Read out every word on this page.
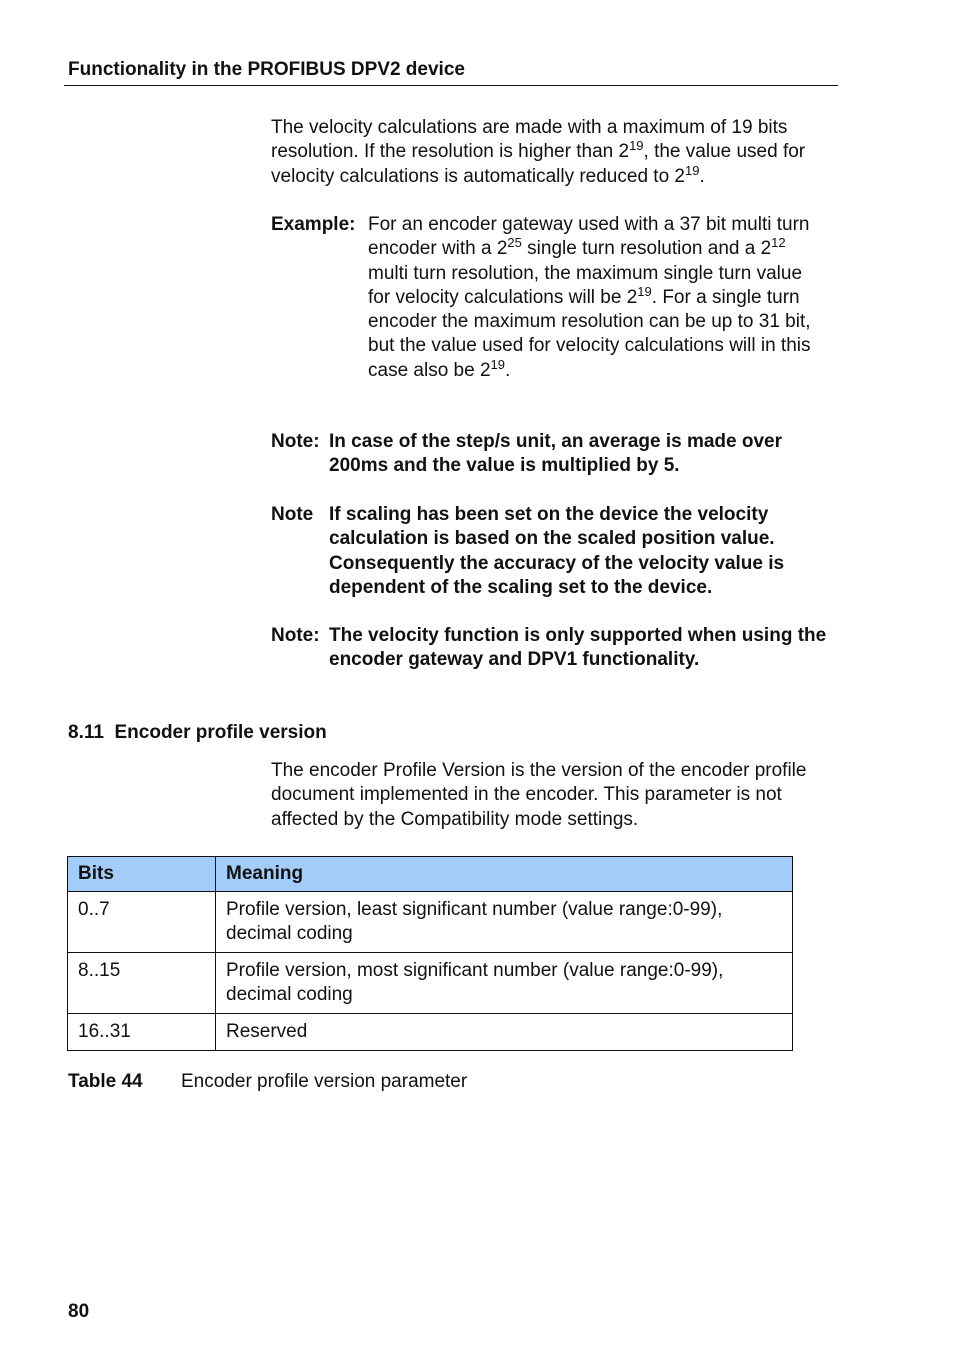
Functionality in the PROFIBUS DPV2 device
The velocity calculations are made with a maximum of 19 bits resolution. If the resolution is higher than $2^{19}$, the value used for velocity calculations is automatically reduced to $2^{19}$.
Example: For an encoder gateway used with a 37 bit multi turn encoder with a $2^{25}$ single turn resolution and a $2^{12}$ multi turn resolution, the maximum single turn value for velocity calculations will be $2^{19}$. For a single turn encoder the maximum resolution can be up to 31 bit, but the value used for velocity calculations will in this case also be $2^{19}$.
Note: In case of the step/s unit, an average is made over 200ms and the value is multiplied by 5.
Note If scaling has been set on the device the velocity calculation is based on the scaled position value. Consequently the accuracy of the velocity value is dependent of the scaling set to the device.
Note: The velocity function is only supported when using the encoder gateway and DPV1 functionality.
8.11 Encoder profile version
The encoder Profile Version is the version of the encoder profile document implemented in the encoder. This parameter is not affected by the Compatibility mode settings.
Bits	Meaning
0..7	Profile version, least significant number (value range:0-99), decimal coding
8..15	Profile version, most significant number (value range:0-99), decimal coding
16..31	Reserved
Table 44 Encoder profile version parameter
80
